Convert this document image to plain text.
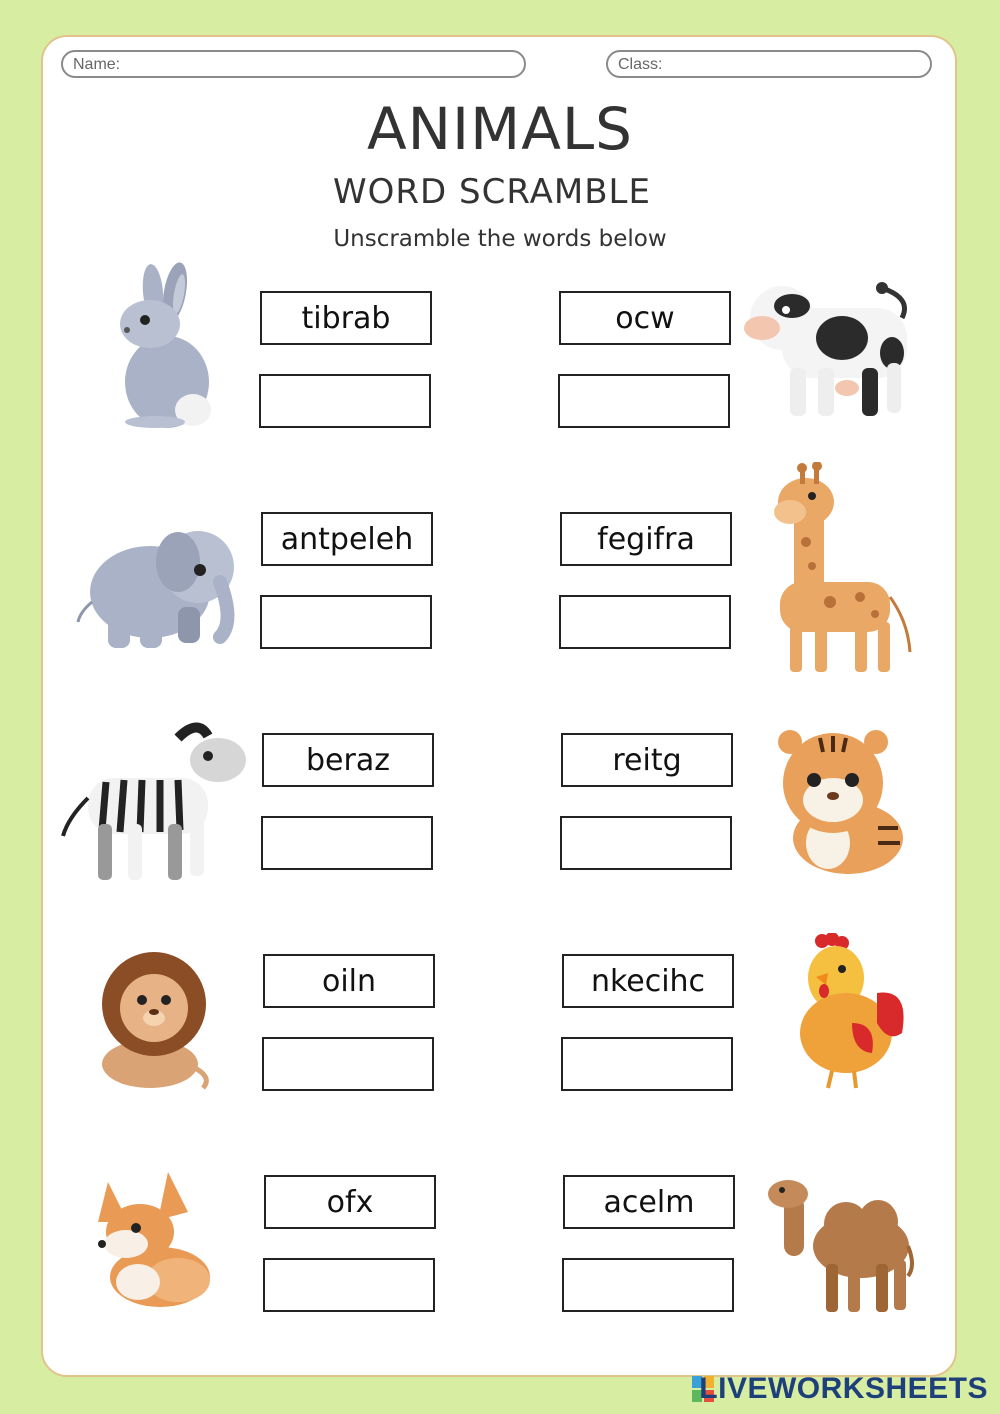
Name:	Class:
ANIMALS
WORD SCRAMBLE
Unscramble the words below
tibrab	ocw
antpeleh	fegifra
beraz	reitg
oiln	nkecihc
ofx	acelm
LIVEWORKSHEETS
